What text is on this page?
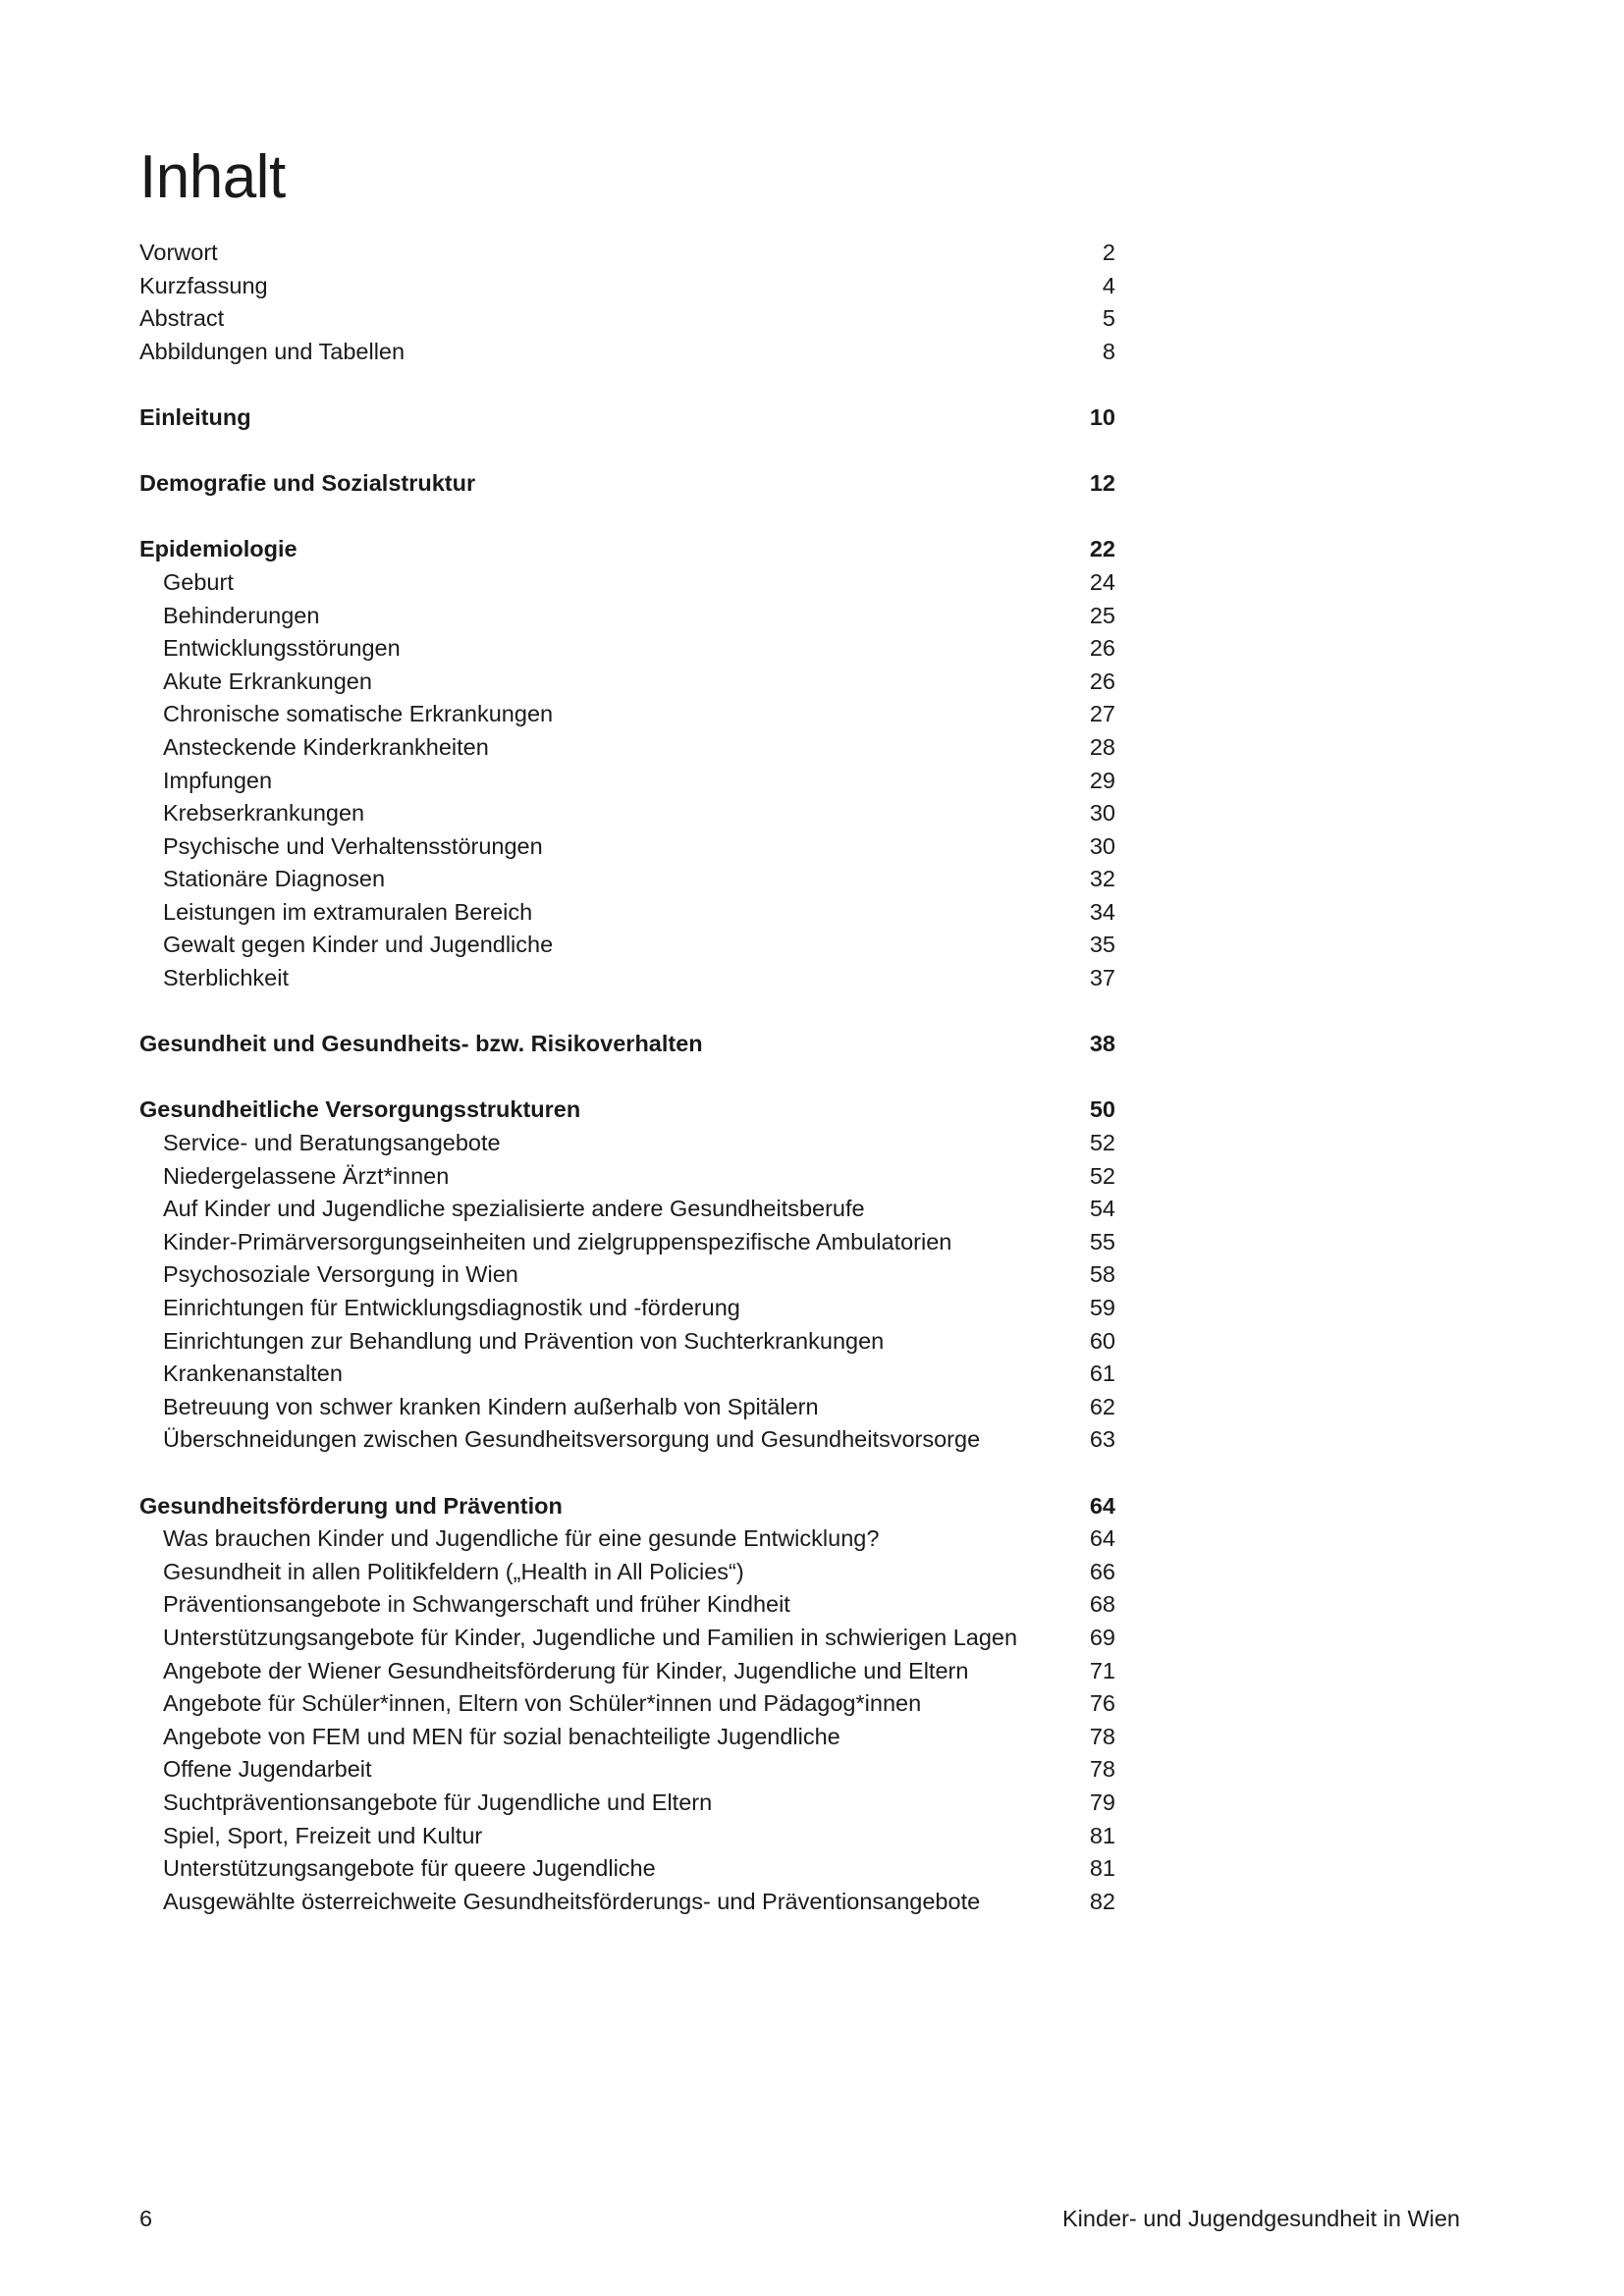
Inhalt
Vorwort	2
Kurzfassung	4
Abstract	5
Abbildungen und Tabellen	8
Einleitung	10
Demografie und Sozialstruktur	12
Epidemiologie	22
Geburt	24
Behinderungen	25
Entwicklungsstörungen	26
Akute Erkrankungen	26
Chronische somatische Erkrankungen	27
Ansteckende Kinderkrankheiten	28
Impfungen	29
Krebserkrankungen	30
Psychische und Verhaltensstörungen	30
Stationäre Diagnosen	32
Leistungen im extramuralen Bereich	34
Gewalt gegen Kinder und Jugendliche	35
Sterblichkeit	37
Gesundheit und Gesundheits- bzw. Risikoverhalten	38
Gesundheitliche Versorgungsstrukturen	50
Service- und Beratungsangebote	52
Niedergelassene Ärzt*innen	52
Auf Kinder und Jugendliche spezialisierte andere Gesundheitsberufe	54
Kinder-Primärversorgungseinheiten und zielgruppenspezifische Ambulatorien	55
Psychosoziale Versorgung in Wien	58
Einrichtungen für Entwicklungsdiagnostik und -förderung	59
Einrichtungen zur Behandlung und Prävention von Suchterkrankungen	60
Krankenanstalten	61
Betreuung von schwer kranken Kindern außerhalb von Spitälern	62
Überschneidungen zwischen Gesundheitsversorgung und Gesundheitsvorsorge	63
Gesundheitsförderung und Prävention	64
Was brauchen Kinder und Jugendliche für eine gesunde Entwicklung?	64
Gesundheit in allen Politikfeldern („Health in All Policies“)	66
Präventionsangebote in Schwangerschaft und früher Kindheit	68
Unterstützungsangebote für Kinder, Jugendliche und Familien in schwierigen Lagen	69
Angebote der Wiener Gesundheitsförderung für Kinder, Jugendliche und Eltern	71
Angebote für Schüler*innen, Eltern von Schüler*innen und Pädagog*innen	76
Angebote von FEM und MEN für sozial benachteiligte Jugendliche	78
Offene Jugendarbeit	78
Suchtpräventionsangebote für Jugendliche und Eltern	79
Spiel, Sport, Freizeit und Kultur	81
Unterstützungsangebote für queere Jugendliche	81
Ausgewählte österreichweite Gesundheitsförderungs- und Präventionsangebote	82
6	Kinder- und Jugendgesundheit in Wien
